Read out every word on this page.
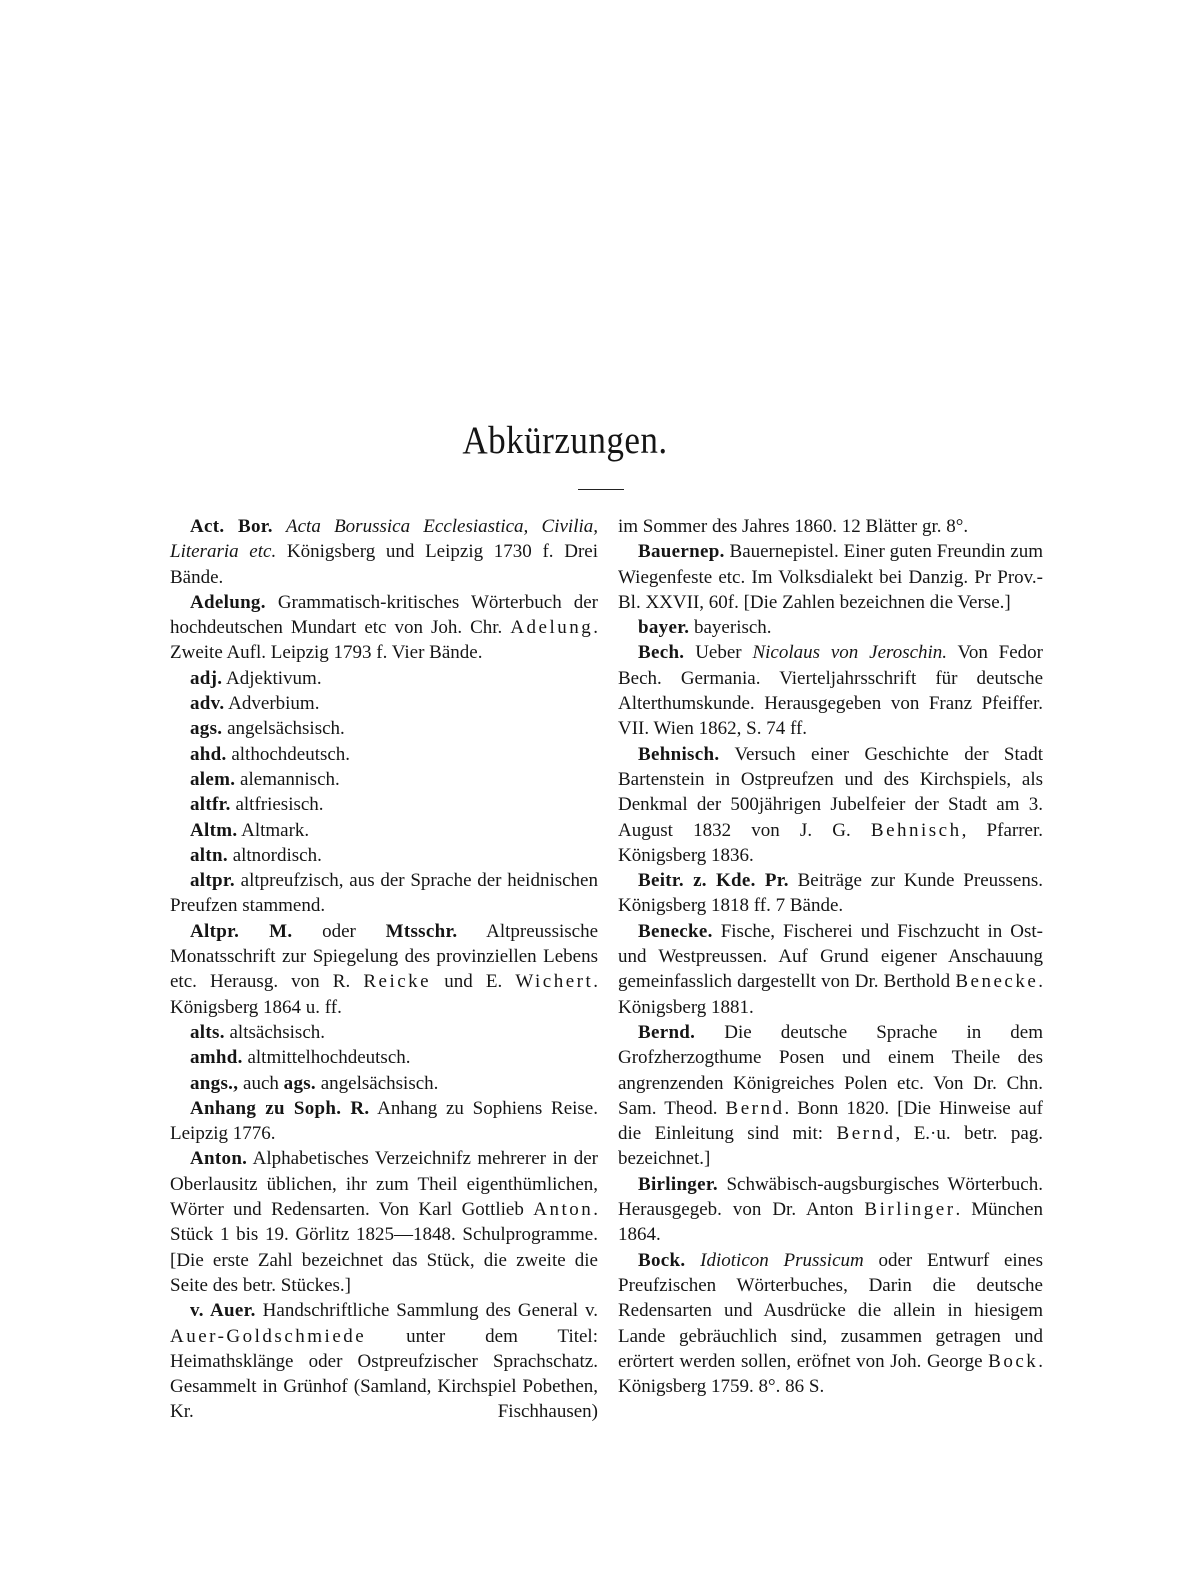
Abkürzungen.

Act. Bor. Acta Borussica Ecclesiastica, Civilia, Literaria etc. Königsberg und Leipzig 1730 f. Drei Bände.

Adelung. Grammatisch-kritisches Wörterbuch der hochdeutschen Mundart etc von Joh. Chr. Adelung. Zweite Aufl. Leipzig 1793 f. Vier Bände.

adj. Adjektivum.

adv. Adverbium.

ags. angelsächsisch.

ahd. althochdeutsch.

alem. alemannisch.

altfr. altfriesisch.

Altm. Altmark.

altn. altnordisch.

altpr. altpreufzisch, aus der Sprache der heidnischen Preufzen stammend.

Altpr. M. oder Mtsschr. Altpreussische Monatsschrift zur Spiegelung des provinziellen Lebens etc. Herausg. von R. Reicke und E. Wichert. Königsberg 1864 u. ff.

alts. altsächsisch.

amhd. altmittelhochdeutsch.

angs., auch ags. angelsächsisch.

Anhang zu Soph. R. Anhang zu Sophiens Reise. Leipzig 1776.

Anton. Alphabetisches Verzeichnifz mehrerer in der Oberlausitz üblichen, ihr zum Theil eigenthümlichen, Wörter und Redensarten. Von Karl Gottlieb Anton. Stück 1 bis 19. Görlitz 1825—1848. Schulprogramme. [Die erste Zahl bezeichnet das Stück, die zweite die Seite des betr. Stückes.]

v. Auer. Handschriftliche Sammlung des General v. Auer-Goldschmiede unter dem Titel: Heimathsklänge oder Ostpreufzischer Sprachschatz. Gesammelt in Grünhof (Samland, Kirchspiel Pobethen, Kr. Fischhausen)

im Sommer des Jahres 1860. 12 Blätter gr. 8°.

Bauernep. Bauernepistel. Einer guten Freundin zum Wiegenfeste etc. Im Volksdialekt bei Danzig. Pr Prov.-Bl. XXVII, 60f. [Die Zahlen bezeichnen die Verse.]

bayer. bayerisch.

Bech. Ueber Nicolaus von Jeroschin. Von Fedor Bech. Germania. Vierteljahrsschrift für deutsche Alterthumskunde. Herausgegeben von Franz Pfeiffer. VII. Wien 1862, S. 74 ff.

Behnisch. Versuch einer Geschichte der Stadt Bartenstein in Ostpreufzen und des Kirchspiels, als Denkmal der 500jährigen Jubelfeier der Stadt am 3. August 1832 von J. G. Behnisch, Pfarrer. Königsberg 1836.

Beitr. z. Kde. Pr. Beiträge zur Kunde Preussens. Königsberg 1818 ff. 7 Bände.

Benecke. Fische, Fischerei und Fischzucht in Ost- und Westpreussen. Auf Grund eigener Anschauung gemeinfasslich dargestellt von Dr. Berthold Benecke. Königsberg 1881.

Bernd. Die deutsche Sprache in dem Grofzherzogthume Posen und einem Theile des angrenzenden Königreiches Polen etc. Von Dr. Chn. Sam. Theod. Bernd. Bonn 1820. [Die Hinweise auf die Einleitung sind mit: Bernd, E.·u. betr. pag. bezeichnet.]

Birlinger. Schwäbisch-augsburgisches Wörterbuch. Herausgegeb. von Dr. Anton Birlinger. München 1864.

Bock. Idioticon Prussicum oder Entwurf eines Preufzischen Wörterbuches, Darin die deutsche Redensarten und Ausdrücke die allein in hiesigem Lande gebräuchlich sind, zusammen getragen und erörtert werden sollen, eröfnet von Joh. George Bock. Königsberg 1759. 8°. 86 S.
